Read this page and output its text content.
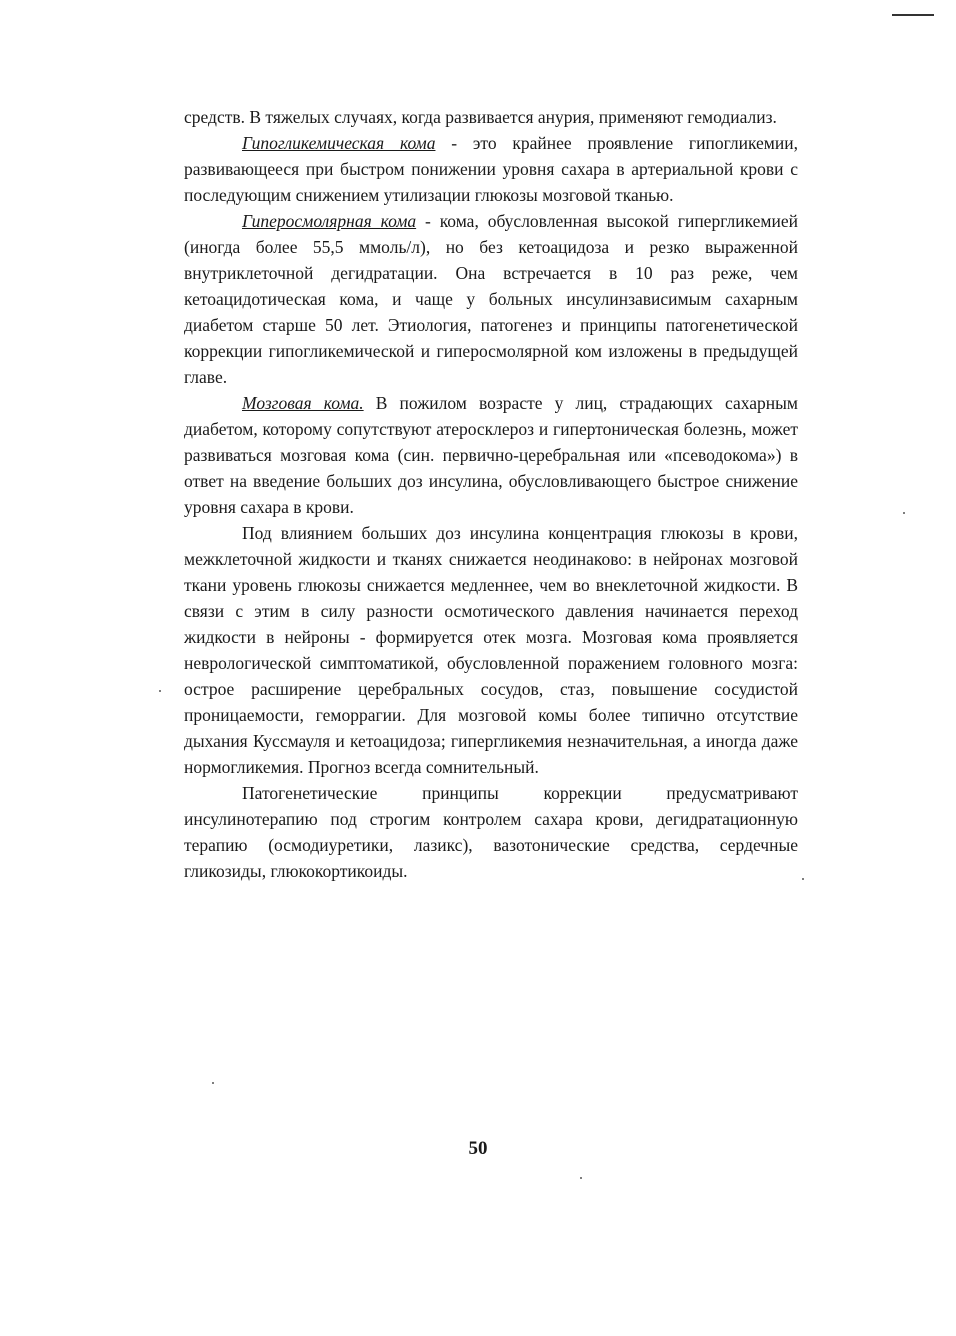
средств. В тяжелых случаях, когда развивается анурия, применяют гемодиализ.

Гипогликемическая кома - это крайнее проявление гипогликемии, развивающееся при быстром понижении уровня сахара в артериальной крови с последующим снижением утилизации глюкозы мозговой тканью.

Гиперосмолярная кома - кома, обусловленная высокой гипергликемией (иногда более 55,5 ммоль/л), но без кетоацидоза и резко выраженной внутриклеточной дегидратации. Она встречается в 10 раз реже, чем кетоацидотическая кома, и чаще у больных инсулинзависимым сахарным диабетом старше 50 лет. Этиология, патогенез и принципы патогенетической коррекции гипогликемической и гиперосмолярной ком изложены в предыдущей главе.

Мозговая кома. В пожилом возрасте у лиц, страдающих сахарным диабетом, которому сопутствуют атеросклероз и гипертоническая болезнь, может развиваться мозговая кома (син. первично-церебральная или «псеводокома») в ответ на введение больших доз инсулина, обусловливающего быстрое снижение уровня сахара в крови.

Под влиянием больших доз инсулина концентрация глюкозы в крови, межклеточной жидкости и тканях снижается неодинаково: в нейронах мозговой ткани уровень глюкозы снижается медленнее, чем во внеклеточной жидкости. В связи с этим в силу разности осмотического давления начинается переход жидкости в нейроны - формируется отек мозга. Мозговая кома проявляется неврологической симптоматикой, обусловленной поражением головного мозга: острое расширение церебральных сосудов, стаз, повышение сосудистой проницаемости, геморрагии. Для мозговой комы более типично отсутствие дыхания Куссмауля и кетоацидоза; гипергликемия незначительная, а иногда даже нормогликемия. Прогноз всегда сомнительный.

Патогенетические принципы коррекции предусматривают инсулинотерапию под строгим контролем сахара крови, дегидратационную терапию (осмодиуретики, лазикс), вазотонические средства, сердечные гликозиды, глюкокортикоиды.

50
